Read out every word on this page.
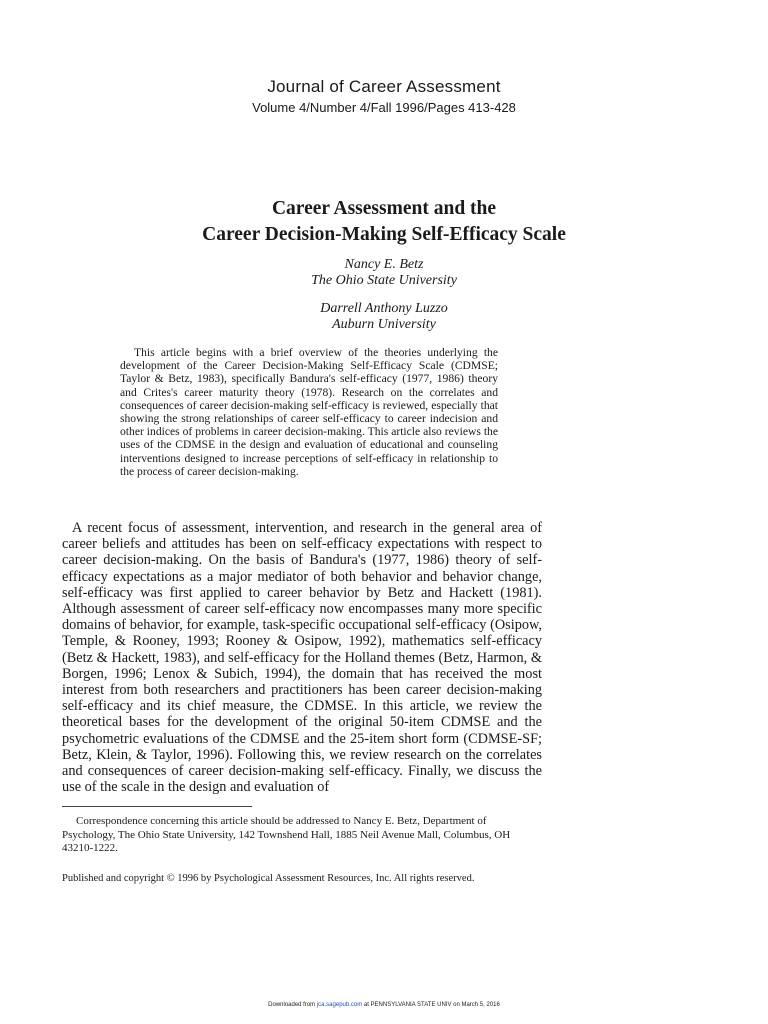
Journal of Career Assessment
Volume 4/Number 4/Fall 1996/Pages 413-428
Career Assessment and the
Career Decision-Making Self-Efficacy Scale
Nancy E. Betz
The Ohio State University
Darrell Anthony Luzzo
Auburn University

This article begins with a brief overview of the theories underlying the development of the Career Decision-Making Self-Efficacy Scale (CDMSE; Taylor & Betz, 1983), specifically Bandura's self-efficacy (1977, 1986) theory and Crites's career maturity theory (1978). Research on the correlates and consequences of career decision-making self-efficacy is reviewed, especially that showing the strong relationships of career self-efficacy to career indecision and other indices of problems in career decision-making. This article also reviews the uses of the CDMSE in the design and evaluation of educational and counseling interventions designed to increase perceptions of self-efficacy in relationship to the process of career decision-making.

A recent focus of assessment, intervention, and research in the general area of career beliefs and attitudes has been on self-efficacy expectations with respect to career decision-making. On the basis of Bandura's (1977, 1986) theory of self-efficacy expectations as a major mediator of both behavior and behavior change, self-efficacy was first applied to career behavior by Betz and Hackett (1981). Although assessment of career self-efficacy now encompasses many more specific domains of behavior, for example, task-specific occupational self-efficacy (Osipow, Temple, & Rooney, 1993; Rooney & Osipow, 1992), mathematics self-efficacy (Betz & Hackett, 1983), and self-efficacy for the Holland themes (Betz, Harmon, & Borgen, 1996; Lenox & Subich, 1994), the domain that has received the most interest from both researchers and practitioners has been career decision-making self-efficacy and its chief measure, the CDMSE. In this article, we review the theoretical bases for the development of the original 50-item CDMSE and the psychometric evaluations of the CDMSE and the 25-item short form (CDMSE-SF; Betz, Klein, & Taylor, 1996). Following this, we review research on the correlates and consequences of career decision-making self-efficacy. Finally, we discuss the use of the scale in the design and evaluation of

Correspondence concerning this article should be addressed to Nancy E. Betz, Department of Psychology, The Ohio State University, 142 Townshend Hall, 1885 Neil Avenue Mall, Columbus, OH 43210-1222.

Published and copyright © 1996 by Psychological Assessment Resources, Inc. All rights reserved.

Downloaded from jca.sagepub.com at PENNSYLVANIA STATE UNIV on March 5, 2016
